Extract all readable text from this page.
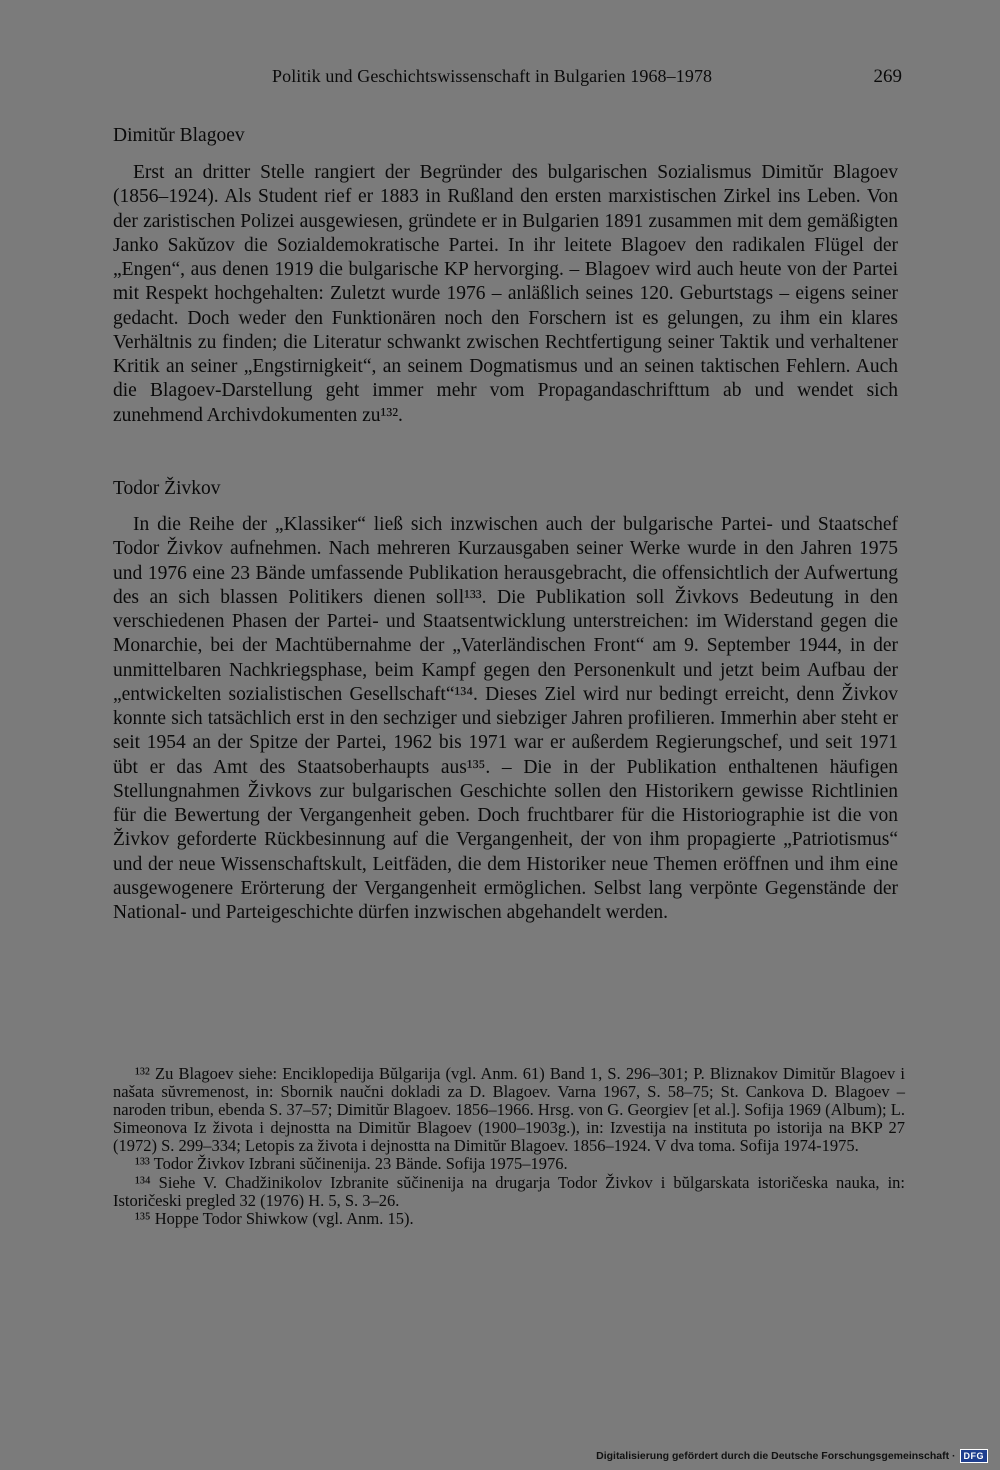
Politik und Geschichtswissenschaft in Bulgarien 1968–1978	269
Dimitŭr Blagoev

Erst an dritter Stelle rangiert der Begründer des bulgarischen Sozialismus Dimitŭr Blagoev (1856–1924). Als Student rief er 1883 in Rußland den ersten marxistischen Zirkel ins Leben. Von der zaristischen Polizei ausgewiesen, gründete er in Bulgarien 1891 zusammen mit dem gemäßigten Janko Sakŭzov die Sozialdemokratische Partei. In ihr leitete Blagoev den radikalen Flügel der „Engen“, aus denen 1919 die bulgarische KP hervorging. – Blagoev wird auch heute von der Partei mit Respekt hochgehalten: Zuletzt wurde 1976 – anläßlich seines 120. Geburtstags – eigens seiner gedacht. Doch weder den Funktionären noch den Forschern ist es gelungen, zu ihm ein klares Verhältnis zu finden; die Literatur schwankt zwischen Rechtfertigung seiner Taktik und verhaltener Kritik an seiner „Engstirnigkeit“, an seinem Dogmatismus und an seinen taktischen Fehlern. Auch die Blagoev-Darstellung geht immer mehr vom Propagandaschrifttum ab und wendet sich zunehmend Archivdokumenten zu¹³².

Todor Živkov

In die Reihe der „Klassiker“ ließ sich inzwischen auch der bulgarische Partei- und Staatschef Todor Živkov aufnehmen. Nach mehreren Kurzausgaben seiner Werke wurde in den Jahren 1975 und 1976 eine 23 Bände umfassende Publikation herausgebracht, die offensichtlich der Aufwertung des an sich blassen Politikers dienen soll¹³³. Die Publikation soll Živkovs Bedeutung in den verschiedenen Phasen der Partei- und Staatsentwicklung unterstreichen: im Widerstand gegen die Monarchie, bei der Machtübernahme der „Vaterländischen Front“ am 9. September 1944, in der unmittelbaren Nachkriegsphase, beim Kampf gegen den Personenkult und jetzt beim Aufbau der „entwickelten sozialistischen Gesellschaft“¹³⁴. Dieses Ziel wird nur bedingt erreicht, denn Živkov konnte sich tatsächlich erst in den sechziger und siebziger Jahren profilieren. Immerhin aber steht er seit 1954 an der Spitze der Partei, 1962 bis 1971 war er außerdem Regierungschef, und seit 1971 übt er das Amt des Staatsoberhaupts aus¹³⁵. – Die in der Publikation enthaltenen häufigen Stellungnahmen Živkovs zur bulgarischen Geschichte sollen den Historikern gewisse Richtlinien für die Bewertung der Vergangenheit geben. Doch fruchtbarer für die Historiographie ist die von Živkov geforderte Rückbesinnung auf die Vergangenheit, der von ihm propagierte „Patriotismus“ und der neue Wissenschaftskult, Leitfäden, die dem Historiker neue Themen eröffnen und ihm eine ausgewogenere Erörterung der Vergangenheit ermöglichen. Selbst lang verpönte Gegenstände der National- und Parteigeschichte dürfen inzwischen abgehandelt werden.

¹³² Zu Blagoev siehe: Enciklopedija Bŭlgarija (vgl. Anm. 61) Band 1, S. 296–301; P. Bliznakov Dimitŭr Blagoev i našata sŭvremenost, in: Sbornik naučni dokladi za D. Blagoev. Varna 1967, S. 58–75; St. Cankova D. Blagoev – naroden tribun, ebenda S. 37–57; Dimitŭr Blagoev. 1856–1966. Hrsg. von G. Georgiev [et al.]. Sofija 1969 (Album); L. Simeonova Iz života i dejnostta na Dimitŭr Blagoev (1900–1903g.), in: Izvestija na instituta po istorija na BKP 27 (1972) S. 299–334; Letopis za života i dejnostta na Dimitŭr Blagoev. 1856–1924. V dva toma. Sofija 1974-1975.

¹³³ Todor Živkov Izbrani sŭčinenija. 23 Bände. Sofija 1975–1976.

¹³⁴ Siehe V. Chadžinikolov Izbranite sŭčinenija na drugarja Todor Živkov i bŭlgarskata istoričeska nauka, in: Istoričeski pregled 32 (1976) H. 5, S. 3–26.

¹³⁵ Hoppe Todor Shiwkow (vgl. Anm. 15).

Digitalisierung gefördert durch die Deutsche Forschungsgemeinschaft · DFG
